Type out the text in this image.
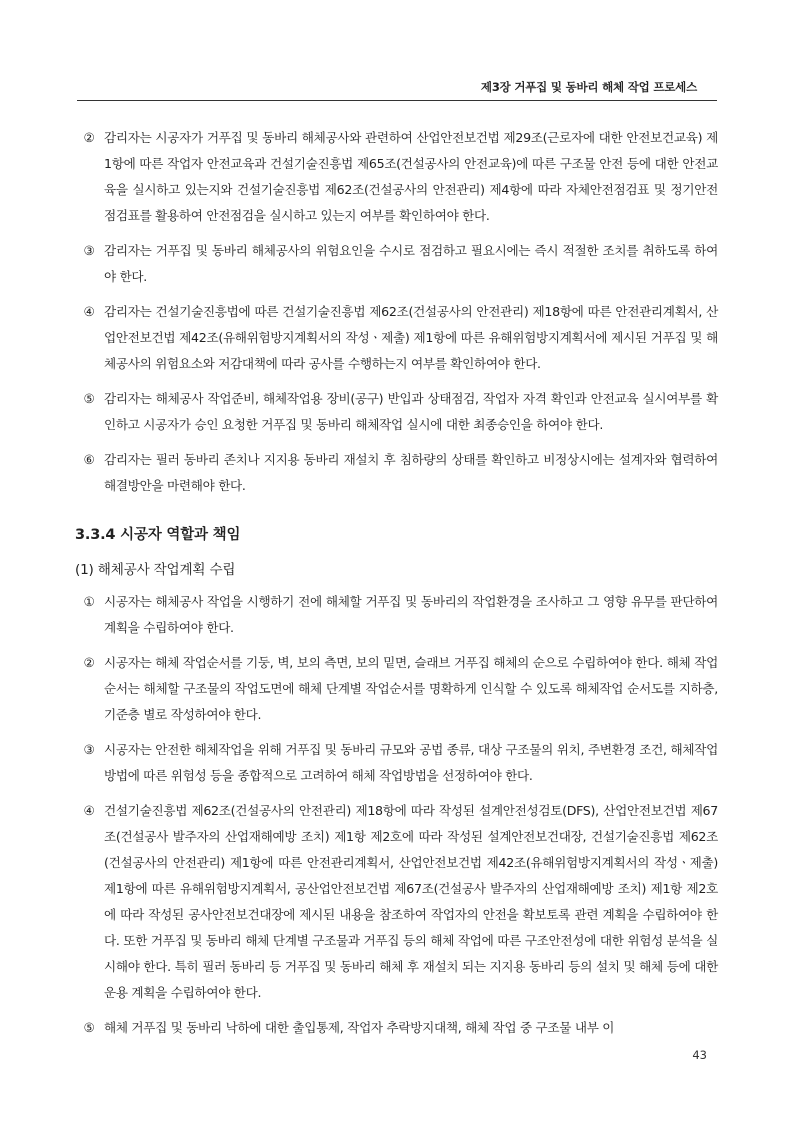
제3장 거푸집 및 동바리 해체 작업 프로세스
② 감리자는 시공자가 거푸집 및 동바리 해체공사와 관련하여 산업안전보건법 제29조(근로자에 대한 안전보건교육) 제1항에 따른 작업자 안전교육과 건설기술진흥법 제65조(건설공사의 안전교육)에 따른 구조물 안전 등에 대한 안전교육을 실시하고 있는지와 건설기술진흥법 제62조(건설공사의 안전관리) 제4항에 따라 자체안전점검표 및 정기안전점검표를 활용하여 안전점검을 실시하고 있는지 여부를 확인하여야 한다.
③ 감리자는 거푸집 및 동바리 해체공사의 위험요인을 수시로 점검하고 필요시에는 즉시 적절한 조치를 취하도록 하여야 한다.
④ 감리자는 건설기술진흥법에 따른 건설기술진흥법 제62조(건설공사의 안전관리) 제18항에 따른 안전관리계획서, 산업안전보건법 제42조(유해위험방지계획서의 작성ㆍ제출) 제1항에 따른 유해위험방지계획서에 제시된 거푸집 및 해체공사의 위험요소와 저감대책에 따라 공사를 수행하는지 여부를 확인하여야 한다.
⑤ 감리자는 해체공사 작업준비, 해체작업용 장비(공구) 반입과 상태점검, 작업자 자격 확인과 안전교육 실시여부를 확인하고 시공자가 승인 요청한 거푸집 및 동바리 해체작업 실시에 대한 최종승인을 하여야 한다.
⑥ 감리자는 필러 동바리 존치나 지지용 동바리 재설치 후 침하량의 상태를 확인하고 비정상시에는 설계자와 협력하여 해결방안을 마련해야 한다.
3.3.4 시공자 역할과 책임
(1) 해체공사 작업계획 수립
① 시공자는 해체공사 작업을 시행하기 전에 해체할 거푸집 및 동바리의 작업환경을 조사하고 그 영향 유무를 판단하여 계획을 수립하여야 한다.
② 시공자는 해체 작업순서를 기둥, 벽, 보의 측면, 보의 밑면, 슬래브 거푸집 해체의 순으로 수립하여야 한다. 해체 작업순서는 해체할 구조물의 작업도면에 해체 단계별 작업순서를 명확하게 인식할 수 있도록 해체작업 순서도를 지하층, 기준층 별로 작성하여야 한다.
③ 시공자는 안전한 해체작업을 위해 거푸집 및 동바리 규모와 공법 종류, 대상 구조물의 위치, 주변환경 조건, 해체작업 방법에 따른 위험성 등을 종합적으로 고려하여 해체 작업방법을 선정하여야 한다.
④ 건설기술진흥법 제62조(건설공사의 안전관리) 제18항에 따라 작성된 설계안전성검토(DFS), 산업안전보건법 제67조(건설공사 발주자의 산업재해예방 조치) 제1항 제2호에 따라 작성된 설계안전보건대장, 건설기술진흥법 제62조(건설공사의 안전관리) 제1항에 따른 안전관리계획서, 산업안전보건법 제42조(유해위험방지계획서의 작성ㆍ제출) 제1항에 따른 유해위험방지계획서, 공산업안전보건법 제67조(건설공사 발주자의 산업재해예방 조치) 제1항 제2호에 따라 작성된 공사안전보건대장에 제시된 내용을 참조하여 작업자의 안전을 확보토록 관련 계획을 수립하여야 한다. 또한 거푸집 및 동바리 해체 단계별 구조물과 거푸집 등의 해체 작업에 따른 구조안전성에 대한 위험성 분석을 실시해야 한다. 특히 필러 동바리 등 거푸집 및 동바리 해체 후 재설치 되는 지지용 동바리 등의 설치 및 해체 등에 대한 운용 계획을 수립하여야 한다.
⑤ 해체 거푸집 및 동바리 낙하에 대한 출입통제, 작업자 추락방지대책, 해체 작업 중 구조물 내부 이
43
